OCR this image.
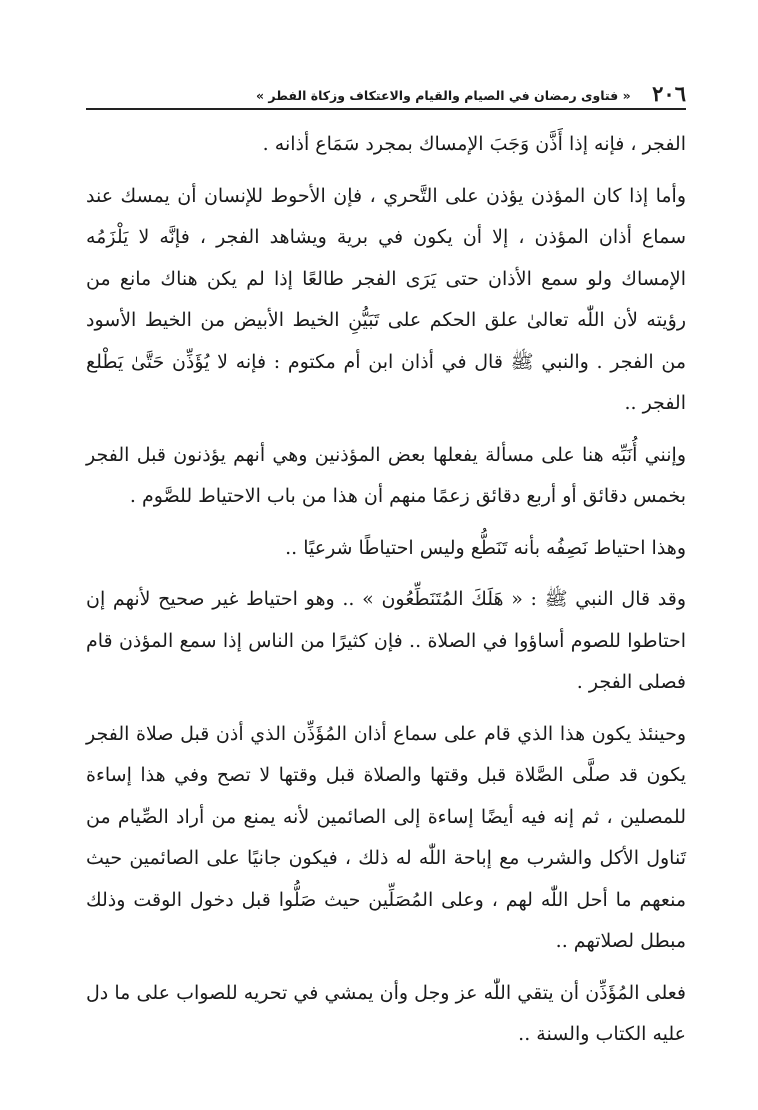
٢٠٦
« فتاوى رمضان في الصيام والقيام والاعتكاف وزكاة الفطر »

الفجر ، فإنه إذا أَذَّن وَجَبَ الإمساك بمجرد سَمَاع أذانه .

وأما إذا كان المؤذن يؤذن على التَّحري ، فإن الأحوط للإنسان أن يمسك عند سماع أذان المؤذن ، إلا أن يكون في برية ويشاهد الفجر ، فإنَّه لا يَلْزَمُه الإمساك ولو سمع الأذان حتى يَرَى الفجر طالعًا إذا لم يكن هناك مانع من رؤيته لأن اللّٰه تعالىٰ علق الحكم على تَبَيُّنِ الخيط الأبيض من الخيط الأسود من الفجر . والنبي ﷺ قال في أذان ابن أم مكتوم : فإنه لا يُؤَذِّن حَتَّىٰ يَطْلع الفجر ..

وإنني أُنَبِّه هنا على مسألة يفعلها بعض المؤذنين وهي أنهم يؤذنون قبل الفجر بخمس دقائق أو أربع دقائق زعمًا منهم أن هذا من باب الاحتياط للصَّوم .

وهذا احتياط نَصِفُه بأنه تَنَطُّع وليس احتياطًا شرعيًا ..

وقد قال النبي ﷺ : « هَلَكَ المُتَنَطِّعُون » .. وهو احتياط غير صحيح لأنهم إن احتاطوا للصوم أساؤوا في الصلاة .. فإن كثيرًا من الناس إذا سمع المؤذن قام فصلى الفجر .

وحينئذ يكون هذا الذي قام على سماع أذان المُؤَذِّن الذي أذن قبل صلاة الفجر يكون قد صلَّى الصَّلاة قبل وقتها والصلاة قبل وقتها لا تصح وفي هذا إساءة للمصلين ، ثم إنه فيه أيضًا إساءة إلى الصائمين لأنه يمنع من أراد الصِّيام من تَناول الأكل والشرب مع إباحة اللّٰه له ذلك ، فيكون جانيًا على الصائمين حيث منعهم ما أحل اللّٰه لهم ، وعلى المُصَلِّين حيث صَلُّوا قبل دخول الوقت وذلك مبطل لصلاتهم ..

فعلى المُؤَذِّن أن يتقي اللّٰه عز وجل وأن يمشي في تحريه للصواب على ما دل عليه الكتاب والسنة ..
